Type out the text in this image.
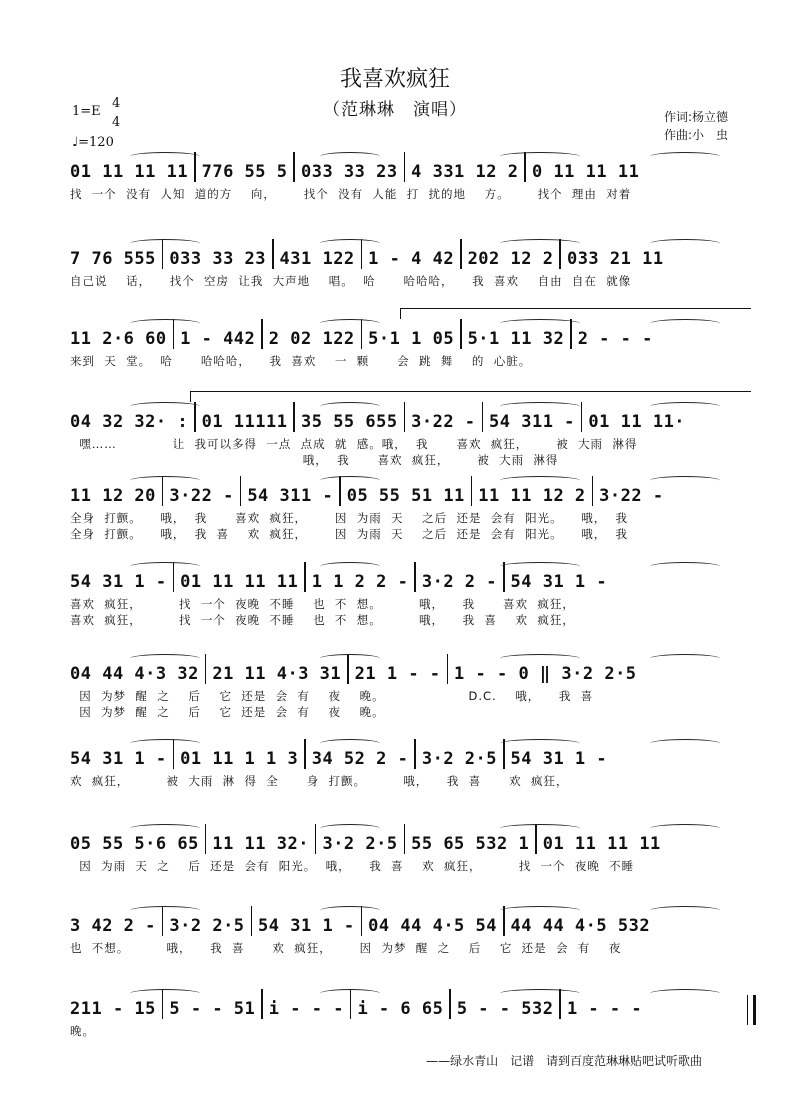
我喜欢疯狂
（范琳琳　演唱）
1=E
4
4
♩=120
作词:杨立德
作曲:小　虫
01 11 11 11 776 55 5 033 33 23 4 331 12 2 0 11 11 11
找  一个  没有  人知  道的方    向，      找个  没有  人能  打  扰的地    方。      找个  理由  对着
7 76 555 033 33 23 431 122 1 - 4 42 202 12 2 033 21 11
自己说    话，    找个  空房  让我  大声地    唱。  哈      哈哈哈，    我  喜欢    自由  自在  就像
11 2·6 60 1 - 442 2 02 122 5·1 1 05 5·1 11 32 2 - - -
来到  天  堂。  哈      哈哈哈，    我  喜欢    一  颗      会  跳  舞    的  心脏。
04 32 32· : 01 11111 35 55 655 3·22 - 54 311 - 01 11 11·
嘿……            让  我可以多得  一点  点成  就  感。哦，  我      喜欢  疯狂，      被  大雨  淋得
哦，  我      喜欢  疯狂，      被  大雨  淋得
11 12 20 3·22 - 54 311 - 05 55 51 11 11 11 12 2 3·22 -
全身  打颤。    哦，  我      喜欢  疯狂，      因  为雨  天    之后  还是  会有  阳光。    哦，  我
全身  打颤。    哦，  我  喜    欢  疯狂，      因  为雨  天    之后  还是  会有  阳光。    哦，  我
54 31 1 - 01 11 11 11 1 1 2 2 - 3·2 2 - 54 31 1 -
喜欢  疯狂，        找  一个  夜晚  不睡    也  不  想。        哦，    我      喜欢  疯狂，
喜欢  疯狂，        找  一个  夜晚  不睡    也  不  想。        哦，    我  喜    欢  疯狂，
04 44 4·3 32 21 11 4·3 31 21 1 - - 1 - - 0 ‖ 3·2 2·5
因  为梦  醒  之    后    它  还是  会  有    夜    晚。                  D.C.    哦，    我  喜
因  为梦  醒  之    后    它  还是  会  有    夜    晚。
54 31 1 - 01 11 1 1 3 34 52 2 - 3·2 2·5 54 31 1 -
欢  疯狂，        被  大雨  淋  得  全      身  打颤。        哦，    我  喜      欢  疯狂，
05 55 5·6 65 11 11 32· 3·2 2·5 55 65 532 1 01 11 11 11
因  为雨  天  之    后  还是  会有  阳光。  哦，    我  喜    欢  疯狂，        找  一个  夜晚  不睡
3 42 2 - 3·2 2·5 54 31 1 - 04 44 4·5 54 44 44 4·5 532
也  不想。        哦，    我  喜      欢  疯狂，      因  为梦  醒  之    后    它  还是  会  有    夜
211 - 15 5 - - 51 i - - - i - 6 65 5 - - 532 1 - - -
晚。
——绿水青山　记谱 请到百度范琳琳贴吧试听歌曲
